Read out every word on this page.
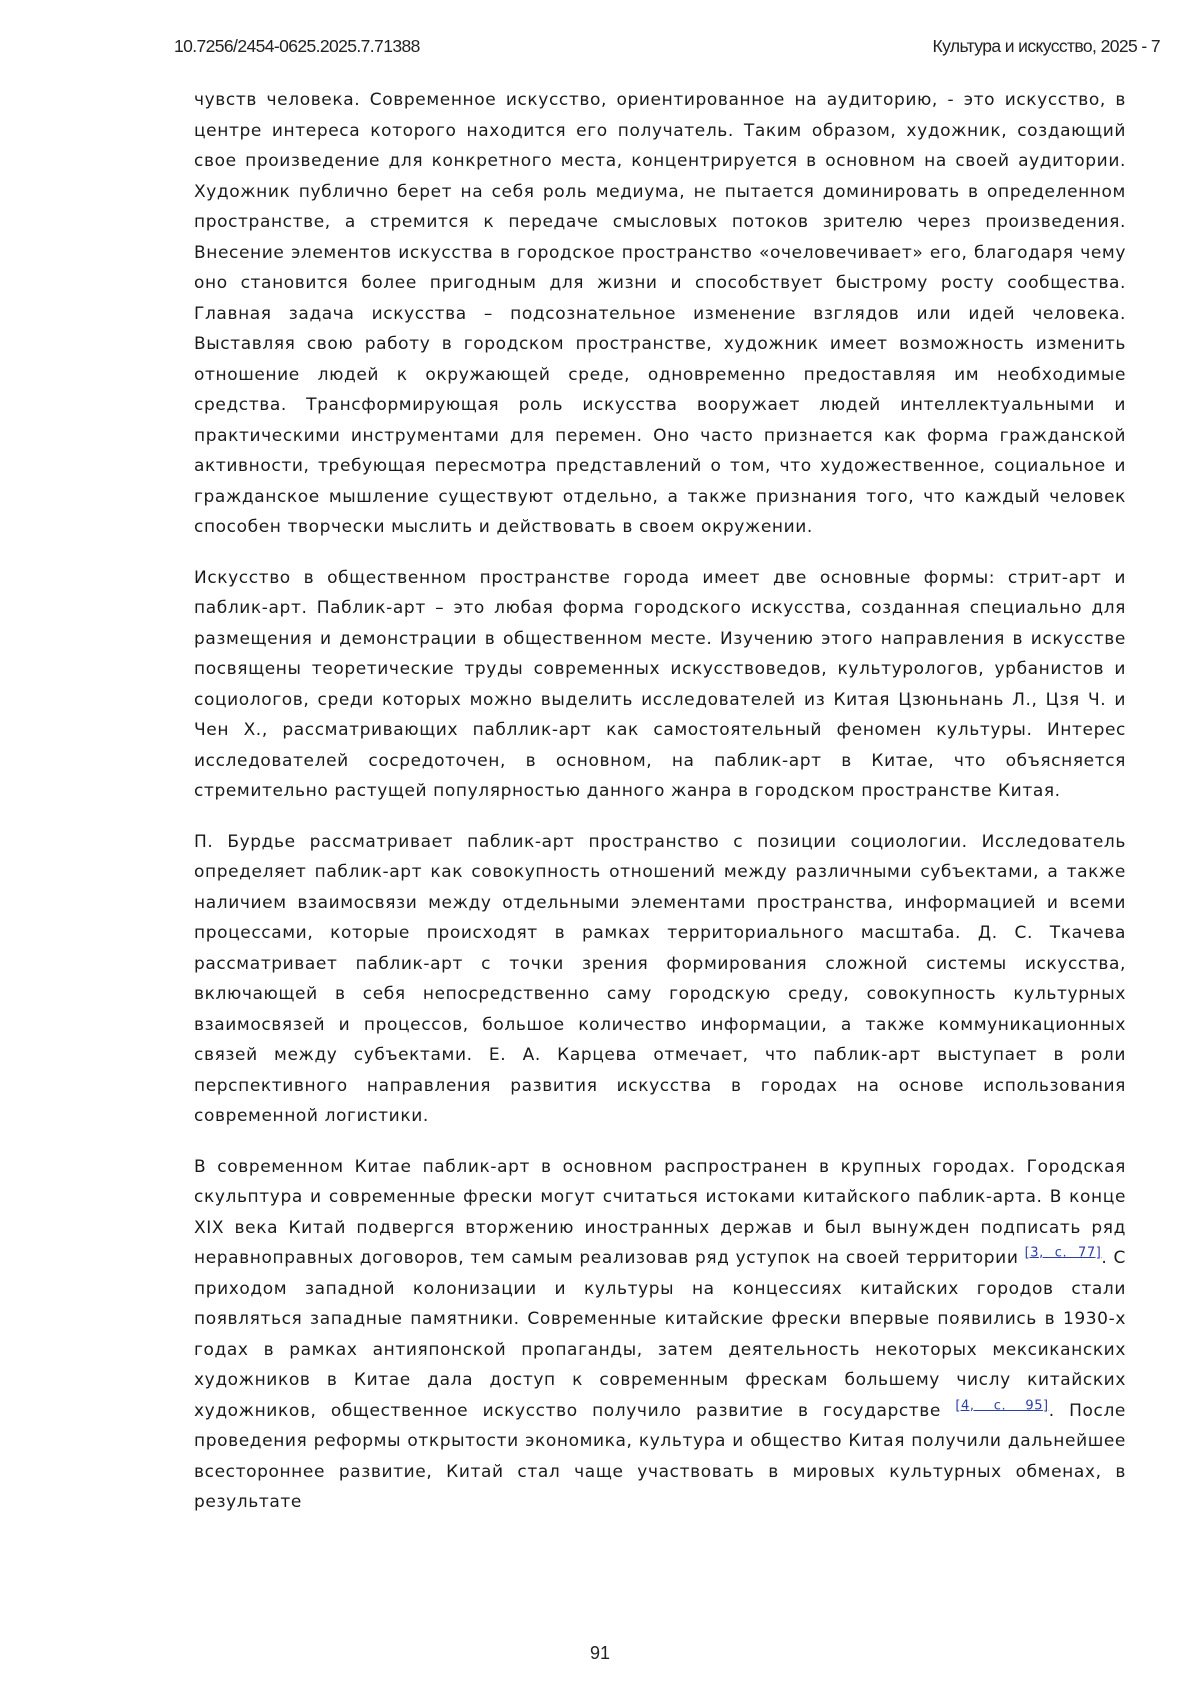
10.7256/2454-0625.2025.7.71388	Культура и искусство, 2025 - 7

чувств человека. Современное искусство, ориентированное на аудиторию, - это искусство, в центре интереса которого находится его получатель. Таким образом, художник, создающий свое произведение для конкретного места, концентрируется в основном на своей аудитории. Художник публично берет на себя роль медиума, не пытается доминировать в определенном пространстве, а стремится к передаче смысловых потоков зрителю через произведения. Внесение элементов искусства в городское пространство «очеловечивает» его, благодаря чему оно становится более пригодным для жизни и способствует быстрому росту сообщества. Главная задача искусства – подсознательное изменение взглядов или идей человека. Выставляя свою работу в городском пространстве, художник имеет возможность изменить отношение людей к окружающей среде, одновременно предоставляя им необходимые средства. Трансформирующая роль искусства вооружает людей интеллектуальными и практическими инструментами для перемен. Оно часто признается как форма гражданской активности, требующая пересмотра представлений о том, что художественное, социальное и гражданское мышление существуют отдельно, а также признания того, что каждый человек способен творчески мыслить и действовать в своем окружении.

Искусство в общественном пространстве города имеет две основные формы: стрит-арт и паблик-арт. Паблик-арт – это любая форма городского искусства, созданная специально для размещения и демонстрации в общественном месте. Изучению этого направления в искусстве посвящены теоретические труды современных искусствоведов, культурологов, урбанистов и социологов, среди которых можно выделить исследователей из Китая Цзюньнань Л., Цзя Ч. и Чен Х., рассматривающих пабллик-арт как самостоятельный феномен культуры. Интерес исследователей сосредоточен, в основном, на паблик-арт в Китае, что объясняется стремительно растущей популярностью данного жанра в городском пространстве Китая.

П. Бурдье рассматривает паблик-арт пространство с позиции социологии. Исследователь определяет паблик-арт как совокупность отношений между различными субъектами, а также наличием взаимосвязи между отдельными элементами пространства, информацией и всеми процессами, которые происходят в рамках территориального масштаба. Д. С. Ткачева рассматривает паблик-арт с точки зрения формирования сложной системы искусства, включающей в себя непосредственно саму городскую среду, совокупность культурных взаимосвязей и процессов, большое количество информации, а также коммуникационных связей между субъектами. Е. А. Карцева отмечает, что паблик-арт выступает в роли перспективного направления развития искусства в городах на основе использования современной логистики.

В современном Китае паблик-арт в основном распространен в крупных городах. Городская скульптура и современные фрески могут считаться истоками китайского паблик-арта. В конце XIX века Китай подвергся вторжению иностранных держав и был вынужден подписать ряд неравноправных договоров, тем самым реализовав ряд уступок на своей территории [3, с. 77]. С приходом западной колонизации и культуры на концессиях китайских городов стали появляться западные памятники. Современные китайские фрески впервые появились в 1930-х годах в рамках антияпонской пропаганды, затем деятельность некоторых мексиканских художников в Китае дала доступ к современным фрескам большему числу китайских художников, общественное искусство получило развитие в государстве [4, с. 95]. После проведения реформы открытости экономика, культура и общество Китая получили дальнейшее всестороннее развитие, Китай стал чаще участвовать в мировых культурных обменах, в результате

91
